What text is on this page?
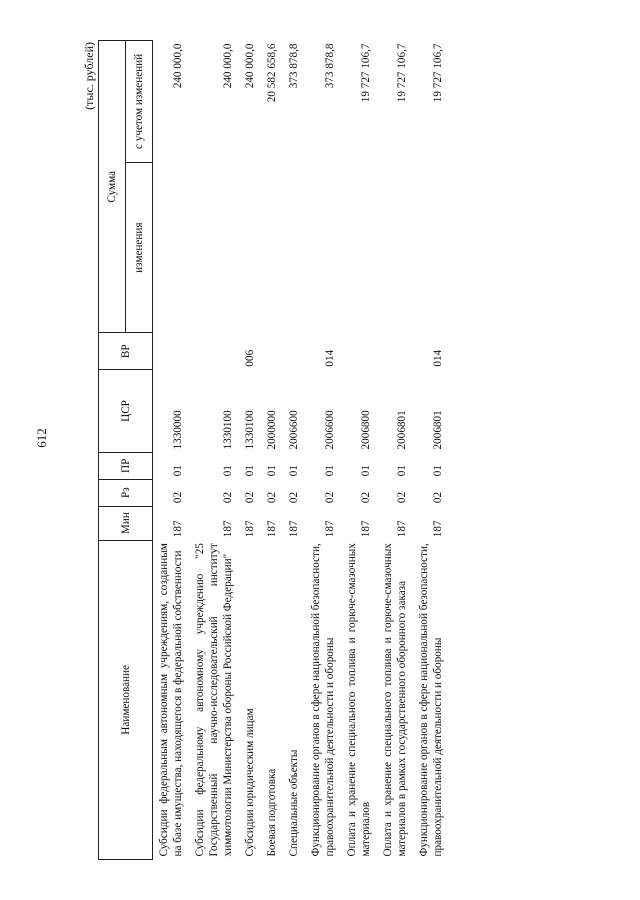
612
(тыс. рублей)
Наименование	Мин	Рз	ПР	ЦСР	ВР	Сумма	
						изменения	с учетом изменений
Субсидии федеральным автономным учреждениям, созданным на базе имущества, находящегося в федеральной собственности	187	02	01	1330000			240 000,0
Субсидии федеральному автономному учреждению "25 Государственный научно-исследовательский институт химмотологии Министерства обороны Российской Федерации"	187	02	01	1330100			240 000,0
Субсидии юридическим лицам	187	02	01	1330100	006		240 000,0
Боевая подготовка	187	02	01	2000000			20 582 658,6
Специальные объекты	187	02	01	2006600			373 878,8
Функционирование органов в сфере национальной безопасности, правоохранительной деятельности и обороны	187	02	01	2006600	014		373 878,8
Оплата и хранение специального топлива и горюче-смазочных материалов	187	02	01	2006800			19 727 106,7
Оплата и хранение специального топлива и горюче-смазочных материалов в рамках государственного оборонного заказа	187	02	01	2006801			19 727 106,7
Функционирование органов в сфере национальной безопасности, правоохранительной деятельности и обороны	187	02	01	2006801	014		19 727 106,7
